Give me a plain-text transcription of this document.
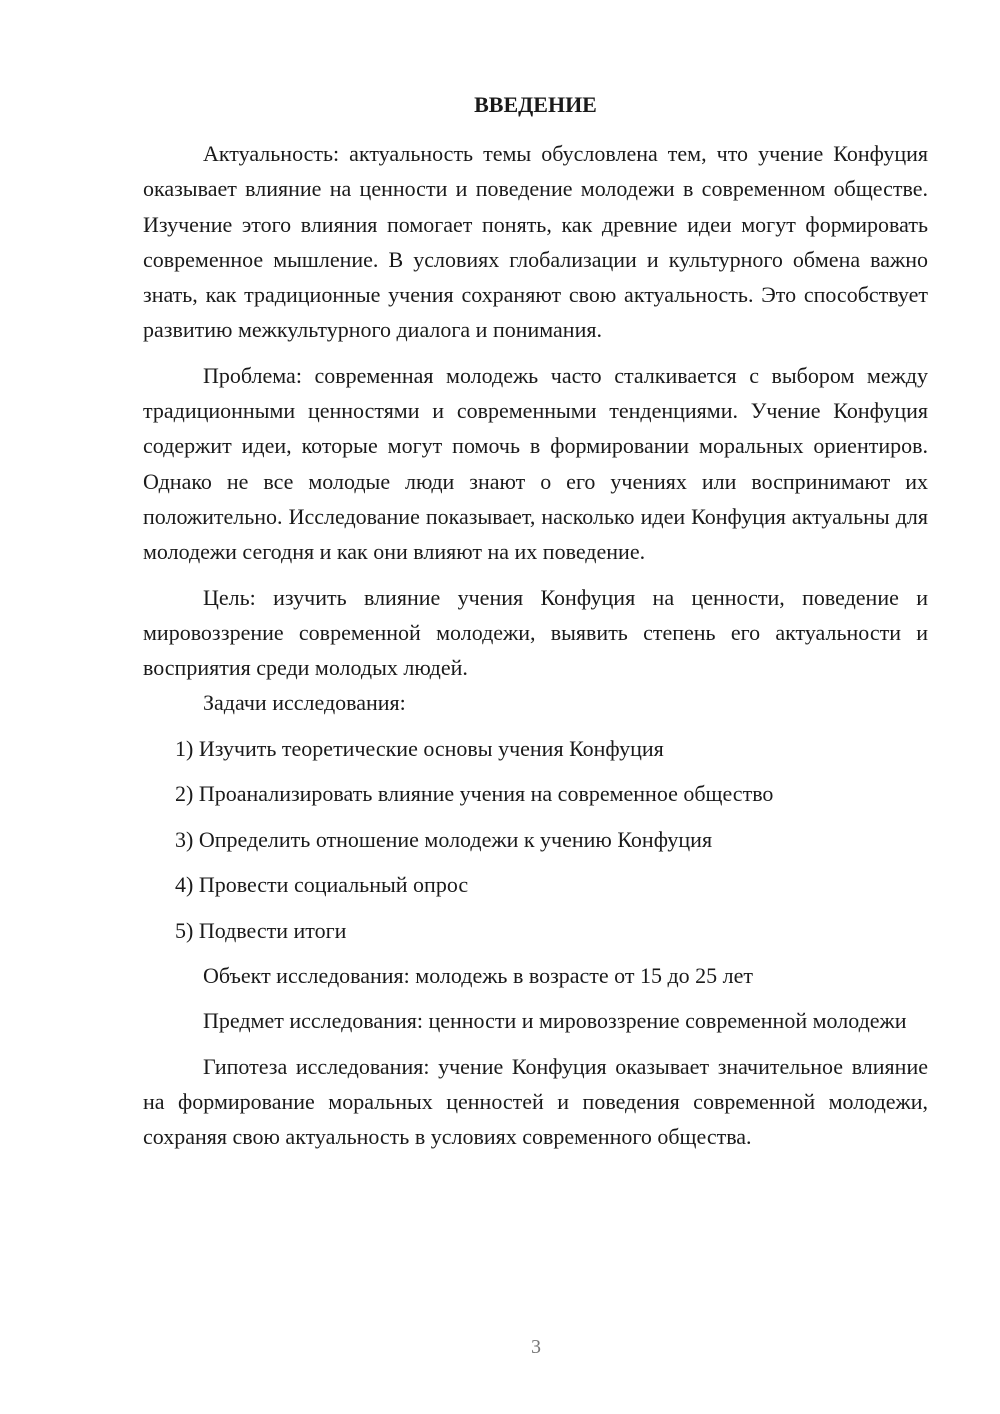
ВВЕДЕНИЕ

Актуальность: актуальность темы обусловлена тем, что учение Конфуция оказывает влияние на ценности и поведение молодежи в современном обществе. Изучение этого влияния помогает понять, как древние идеи могут формировать современное мышление. В условиях глобализации и культурного обмена важно знать, как традиционные учения сохраняют свою актуальность. Это способствует развитию межкультурного диалога и понимания.

Проблема: современная молодежь часто сталкивается с выбором между традиционными ценностями и современными тенденциями. Учение Конфуция содержит идеи, которые могут помочь в формировании моральных ориентиров. Однако не все молодые люди знают о его учениях или воспринимают их положительно. Исследование показывает, насколько идеи Конфуция актуальны для молодежи сегодня и как они влияют на их поведение.

Цель: изучить влияние учения Конфуция на ценности, поведение и мировоззрение современной молодежи, выявить степень его актуальности и восприятия среди молодых людей.

Задачи исследования:

1) Изучить теоретические основы учения Конфуция
2) Проанализировать влияние учения на современное общество
3) Определить отношение молодежи к учению Конфуция
4) Провести социальный опрос
5) Подвести итоги

Объект исследования: молодежь в возрасте от 15 до 25 лет

Предмет исследования: ценности и мировоззрение современной молодежи

Гипотеза исследования: учение Конфуция оказывает значительное влияние на формирование моральных ценностей и поведения современной молодежи, сохраняя свою актуальность в условиях современного общества.

3
